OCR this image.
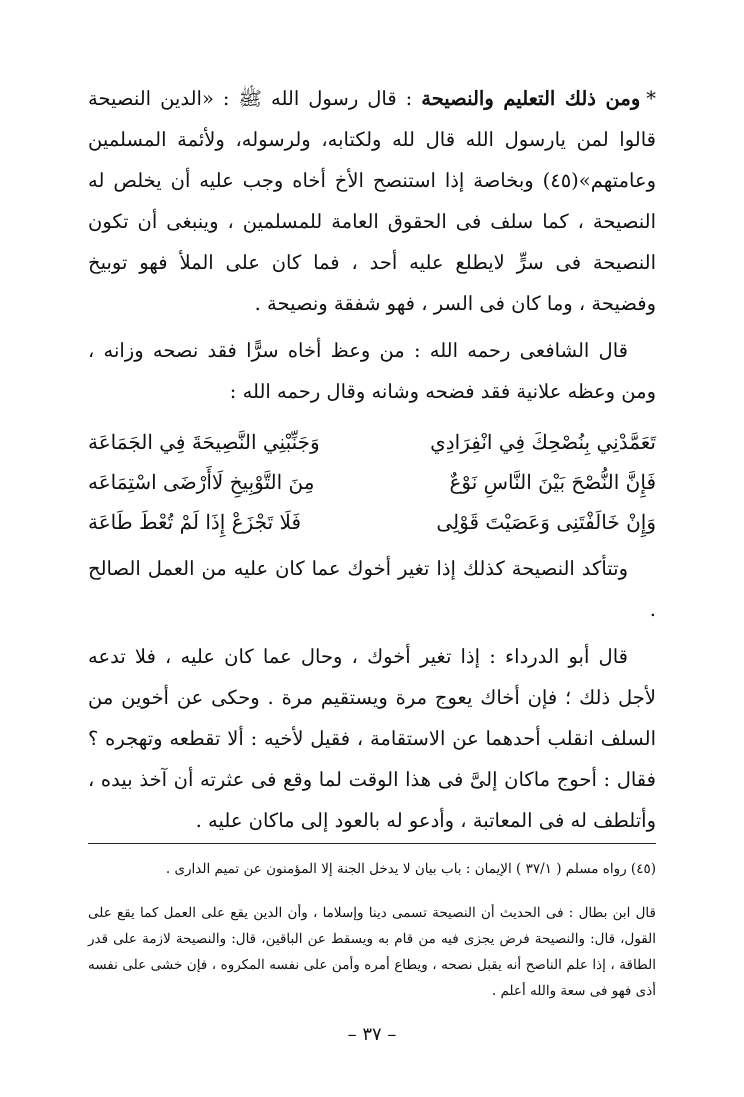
*ومن ذلك التعليم والنصيحة : قال رسول الله ﷺ : «الدين النصيحة قالوا لمن يارسول الله قال لله ولكتابه، ولرسوله، ولأئمة المسلمين وعامتهم»(٤٥) وبخاصة إذا استنصح الأخ أخاه وجب عليه أن يخلص له النصيحة ، كما سلف فى الحقوق العامة للمسلمين ، وينبغى أن تكون النصيحة فى سرٍّ لايطلع عليه أحد ، فما كان على الملأ فهو توبيخ وفضيحة ، وما كان فى السر ، فهو شفقة ونصيحة .

قال الشافعى رحمه الله : من وعظ أخاه سرًّا فقد نصحه وزانه ، ومن وعظه علانية فقد فضحه وشانه وقال رحمه الله :

تَعَمَّدْنِي بِنُصْحِكَ فِي انْفِرَادِي
وَجَنِّبْنِي النَّصِيحَةَ فِي الجَمَاعَة
فَإِنَّ النُّصْحَ بَيْنَ النَّاسِ نَوْعٌ
مِنَ التَّوْبِيخِ لَاأَرْضَى اسْتِمَاعَه
وَإِنْ خَالَفْتَنِى وَعَصَيْتَ قَوْلِى
فَلَا تَجْزَعْ إِذَا لَمْ تُعْطَ طَاعَة

وتتأكد النصيحة كذلك إذا تغير أخوك عما كان عليه من العمل الصالح .

قال أبو الدرداء : إذا تغير أخوك ، وحال عما كان عليه ، فلا تدعه لأجل ذلك ؛ فإن أخاك يعوج مرة ويستقيم مرة . وحكى عن أخوين من السلف انقلب أحدهما عن الاستقامة ، فقيل لأخيه : ألا تقطعه وتهجره ؟ فقال : أحوج ماكان إلىَّ فى هذا الوقت لما وقع فى عثرته أن آخذ بيده ، وأتلطف له فى المعاتبة ، وأدعو له بالعود إلى ماكان عليه .

(٤٥) رواه مسلم ( ٣٧/١ ) الإيمان : باب بيان لا يدخل الجنة إلا المؤمنون عن تميم الدارى .

قال ابن بطال : فى الحديث أن النصيحة تسمى دينا وإسلاما ، وأن الدين يقع على العمل كما يقع على القول، قال: والنصيحة فرض يجزى فيه من قام به ويسقط عن الباقين، قال: والنصيحة لازمة على قدر الطاقة ، إذا علم الناصح أنه يقبل نصحه ، ويطاع أمره وأمن على نفسه المكروه ، فإن خشى على نفسه أذى فهو فى سعة والله أعلم .

– ٣٧ –
